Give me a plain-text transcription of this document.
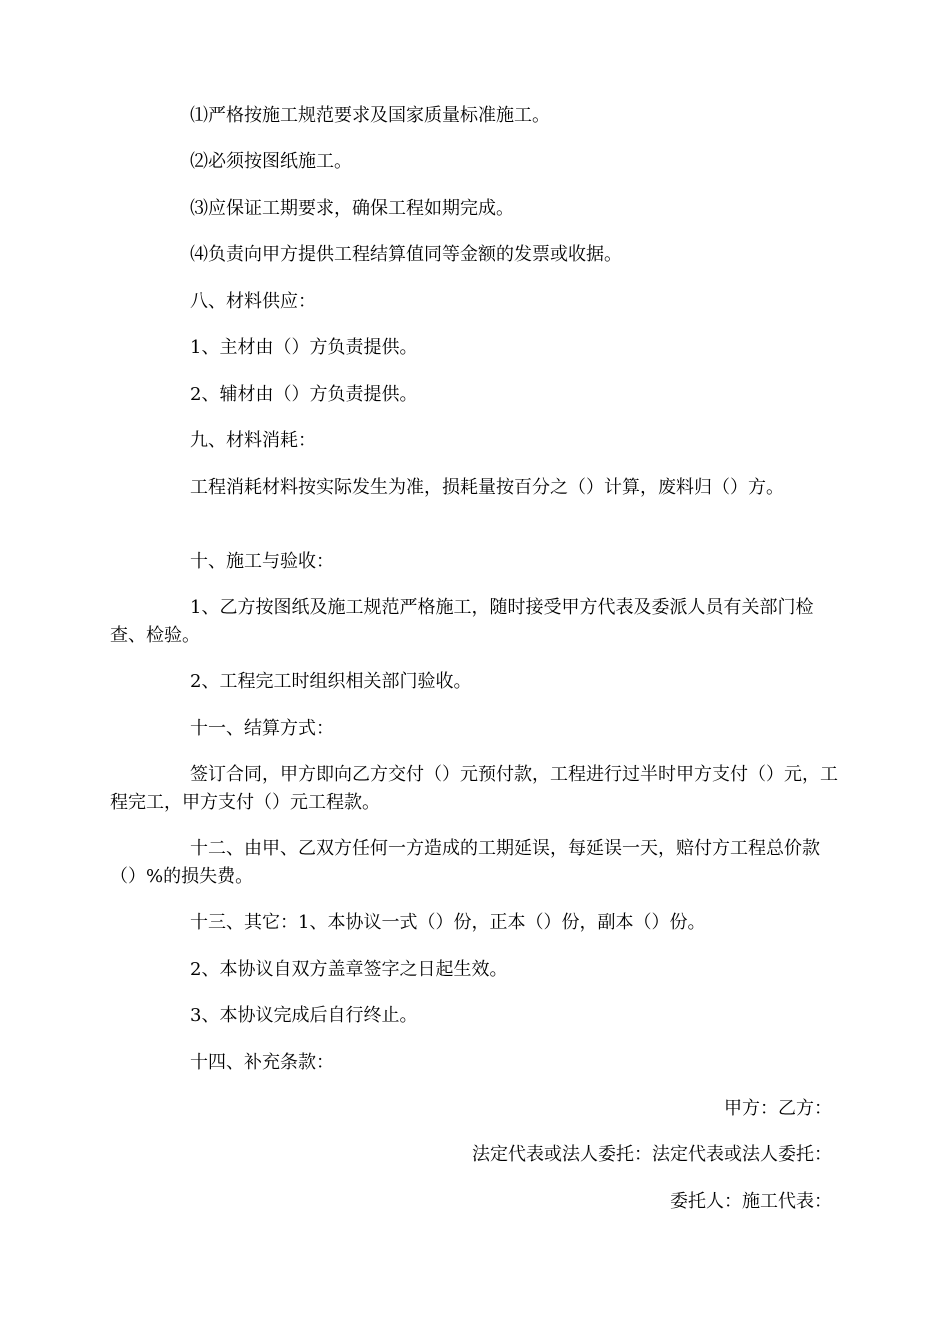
⑴严格按施工规范要求及国家质量标准施工。
⑵必须按图纸施工。
⑶应保证工期要求，确保工程如期完成。
⑷负责向甲方提供工程结算值同等金额的发票或收据。
八、材料供应：
1、主材由（）方负责提供。
2、辅材由（）方负责提供。
九、材料消耗：
工程消耗材料按实际发生为准，损耗量按百分之（）计算，废料归（）方。
十、施工与验收：
1、乙方按图纸及施工规范严格施工，随时接受甲方代表及委派人员有关部门检查、检验。
2、工程完工时组织相关部门验收。
十一、结算方式：
签订合同，甲方即向乙方交付（）元预付款，工程进行过半时甲方支付（）元，工程完工，甲方支付（）元工程款。
十二、由甲、乙双方任何一方造成的工期延误，每延误一天，赔付方工程总价款（）%的损失费。
十三、其它：1、本协议一式（）份，正本（）份，副本（）份。
2、本协议自双方盖章签字之日起生效。
3、本协议完成后自行终止。
十四、补充条款：
甲方：乙方：
法定代表或法人委托：法定代表或法人委托：
委托人：施工代表：
